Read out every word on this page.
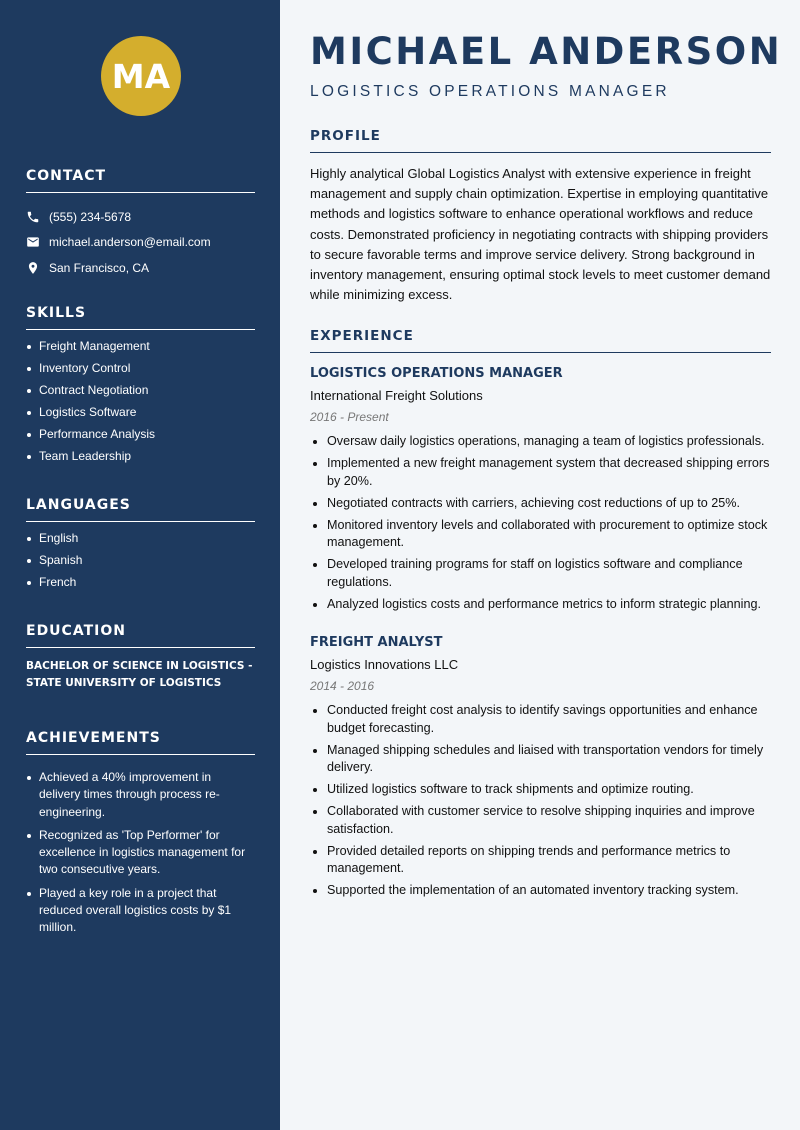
MA
CONTACT
(555) 234-5678
michael.anderson@email.com
San Francisco, CA
SKILLS
Freight Management
Inventory Control
Contract Negotiation
Logistics Software
Performance Analysis
Team Leadership
LANGUAGES
English
Spanish
French
EDUCATION
BACHELOR OF SCIENCE IN LOGISTICS - STATE UNIVERSITY OF LOGISTICS
ACHIEVEMENTS
Achieved a 40% improvement in delivery times through process re-engineering.
Recognized as 'Top Performer' for excellence in logistics management for two consecutive years.
Played a key role in a project that reduced overall logistics costs by $1 million.
MICHAEL ANDERSON
LOGISTICS OPERATIONS MANAGER
PROFILE
Highly analytical Global Logistics Analyst with extensive experience in freight management and supply chain optimization. Expertise in employing quantitative methods and logistics software to enhance operational workflows and reduce costs. Demonstrated proficiency in negotiating contracts with shipping providers to secure favorable terms and improve service delivery. Strong background in inventory management, ensuring optimal stock levels to meet customer demand while minimizing excess.
EXPERIENCE
LOGISTICS OPERATIONS MANAGER
International Freight Solutions
2016 - Present
Oversaw daily logistics operations, managing a team of logistics professionals.
Implemented a new freight management system that decreased shipping errors by 20%.
Negotiated contracts with carriers, achieving cost reductions of up to 25%.
Monitored inventory levels and collaborated with procurement to optimize stock management.
Developed training programs for staff on logistics software and compliance regulations.
Analyzed logistics costs and performance metrics to inform strategic planning.
FREIGHT ANALYST
Logistics Innovations LLC
2014 - 2016
Conducted freight cost analysis to identify savings opportunities and enhance budget forecasting.
Managed shipping schedules and liaised with transportation vendors for timely delivery.
Utilized logistics software to track shipments and optimize routing.
Collaborated with customer service to resolve shipping inquiries and improve satisfaction.
Provided detailed reports on shipping trends and performance metrics to management.
Supported the implementation of an automated inventory tracking system.
